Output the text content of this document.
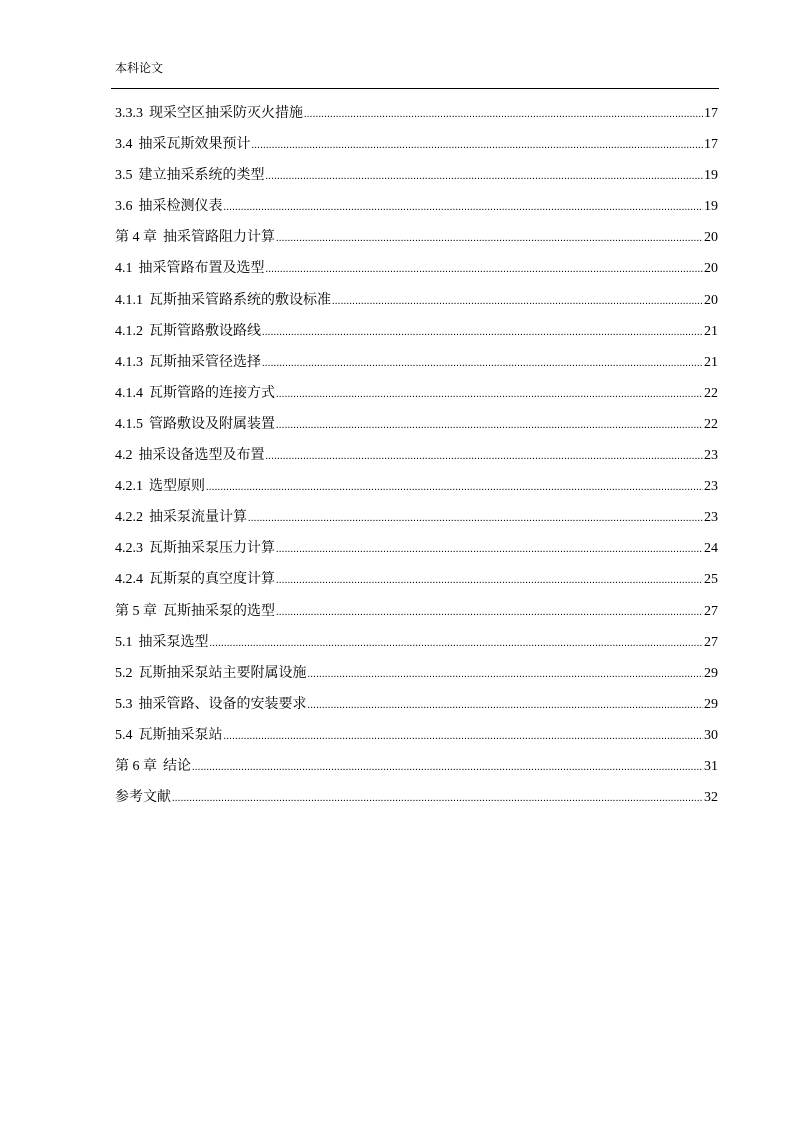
本科论文
3.3.3 现采空区抽采防灭火措施 .....	17
3.4 抽采瓦斯效果预计 .....	17
3.5 建立抽采系统的类型 .....	19
3.6 抽采检测仪表 .....	19
第 4 章 抽采管路阻力计算 .....	20
4.1 抽采管路布置及选型 .....	20
4.1.1 瓦斯抽采管路系统的敷设标准 .....	20
4.1.2 瓦斯管路敷设路线 .....	21
4.1.3 瓦斯抽采管径选择 .....	21
4.1.4 瓦斯管路的连接方式 .....	22
4.1.5 管路敷设及附属装置 .....	22
4.2 抽采设备选型及布置 .....	23
4.2.1 选型原则 .....	23
4.2.2 抽采泵流量计算 .....	23
4.2.3 瓦斯抽采泵压力计算 .....	24
4.2.4 瓦斯泵的真空度计算 .....	25
第 5 章 瓦斯抽采泵的选型 .....	27
5.1 抽采泵选型 .....	27
5.2 瓦斯抽采泵站主要附属设施 .....	29
5.3 抽采管路、设备的安装要求 .....	29
5.4 瓦斯抽采泵站 .....	30
第 6 章 结论 .....	31
参考文献 .....	32
